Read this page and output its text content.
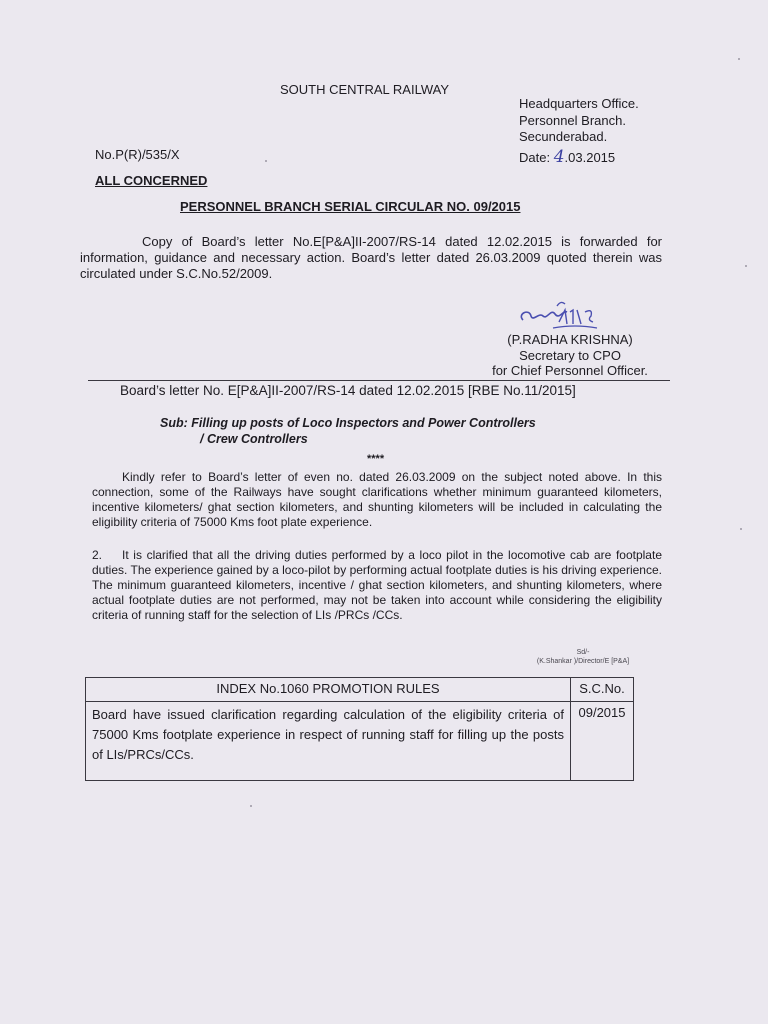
SOUTH CENTRAL RAILWAY
Headquarters Office.
Personnel Branch.
Secunderabad.
No.P(R)/535/X	Date: 4.03.2015
ALL CONCERNED
PERSONNEL BRANCH SERIAL CIRCULAR NO. 09/2015
Copy of Board’s letter No.E[P&A]II-2007/RS-14 dated 12.02.2015 is forwarded for information, guidance and necessary action. Board’s letter dated 26.03.2009 quoted therein was circulated under S.C.No.52/2009.
(P.RADHA KRISHNA)
Secretary to CPO
for Chief Personnel Officer.
Board’s letter No. E[P&A]II-2007/RS-14 dated 12.02.2015 [RBE No.11/2015]
Sub: Filling up posts of Loco Inspectors and Power Controllers
/ Crew Controllers
****
Kindly refer to Board’s letter of even no. dated 26.03.2009 on the subject noted above. In this connection, some of the Railways have sought clarifications whether minimum guaranteed kilometers, incentive kilometers/ ghat section kilometers, and shunting kilometers will be included in calculating the eligibility criteria of 75000 Kms foot plate experience.
2. It is clarified that all the driving duties performed by a loco pilot in the locomotive cab are footplate duties. The experience gained by a loco-pilot by performing actual footplate duties is his driving experience. The minimum guaranteed kilometers, incentive / ghat section kilometers, and shunting kilometers, where actual footplate duties are not performed, may not be taken into account while considering the eligibility criteria of running staff for the selection of LIs /PRCs /CCs.
Sd/-
(K.Shankar )/Director/E [P&A]
INDEX No.1060 PROMOTION RULES	S.C.No.
Board have issued clarification regarding calculation of the eligibility criteria of 75000 Kms footplate experience in respect of running staff for filling up the posts of LIs/PRCs/CCs.	09/2015
